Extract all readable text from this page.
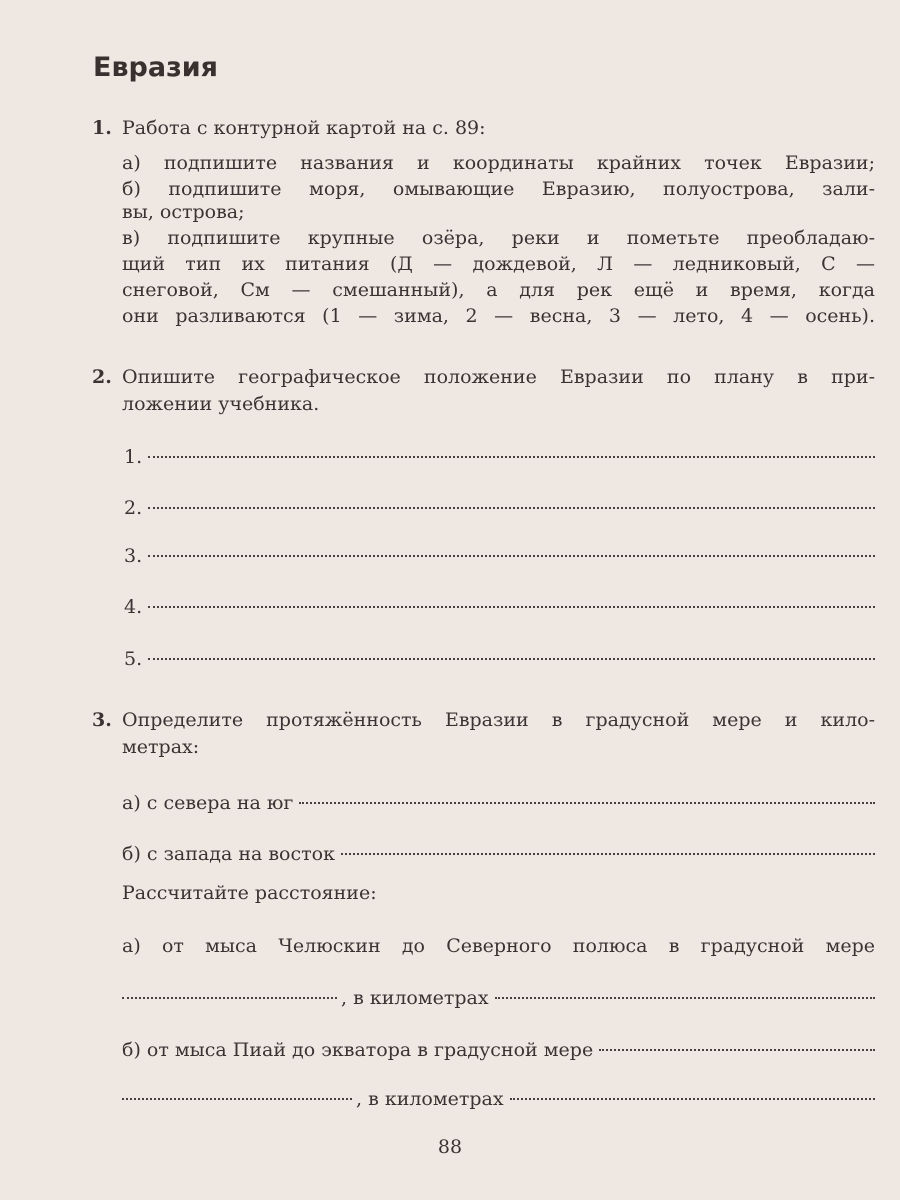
Евразия
1. Работа с контурной картой на с. 89:
а) подпишите названия и координаты крайних точек Евразии;
б) подпишите моря, омывающие Евразию, полуострова, зали-
вы, острова;
в) подпишите крупные озёра, реки и пометьте преобладаю-
щий тип их питания (Д — дождевой, Л — ледниковый, С —
снеговой, См — смешанный), а для рек ещё и время, когда
они разливаются (1 — зима, 2 — весна, 3 — лето, 4 — осень).
2. Опишите географическое положение Евразии по плану в при-
ложении учебника.
1.
2.
3.
4.
5.
3. Определите протяжённость Евразии в градусной мере и кило-
метрах:
а) с севера на юг
б) с запада на восток
Рассчитайте расстояние:
а) от мыса Челюскин до Северного полюса в градусной мере
, в километрах
б) от мыса Пиай до экватора в градусной мере
, в километрах
88
